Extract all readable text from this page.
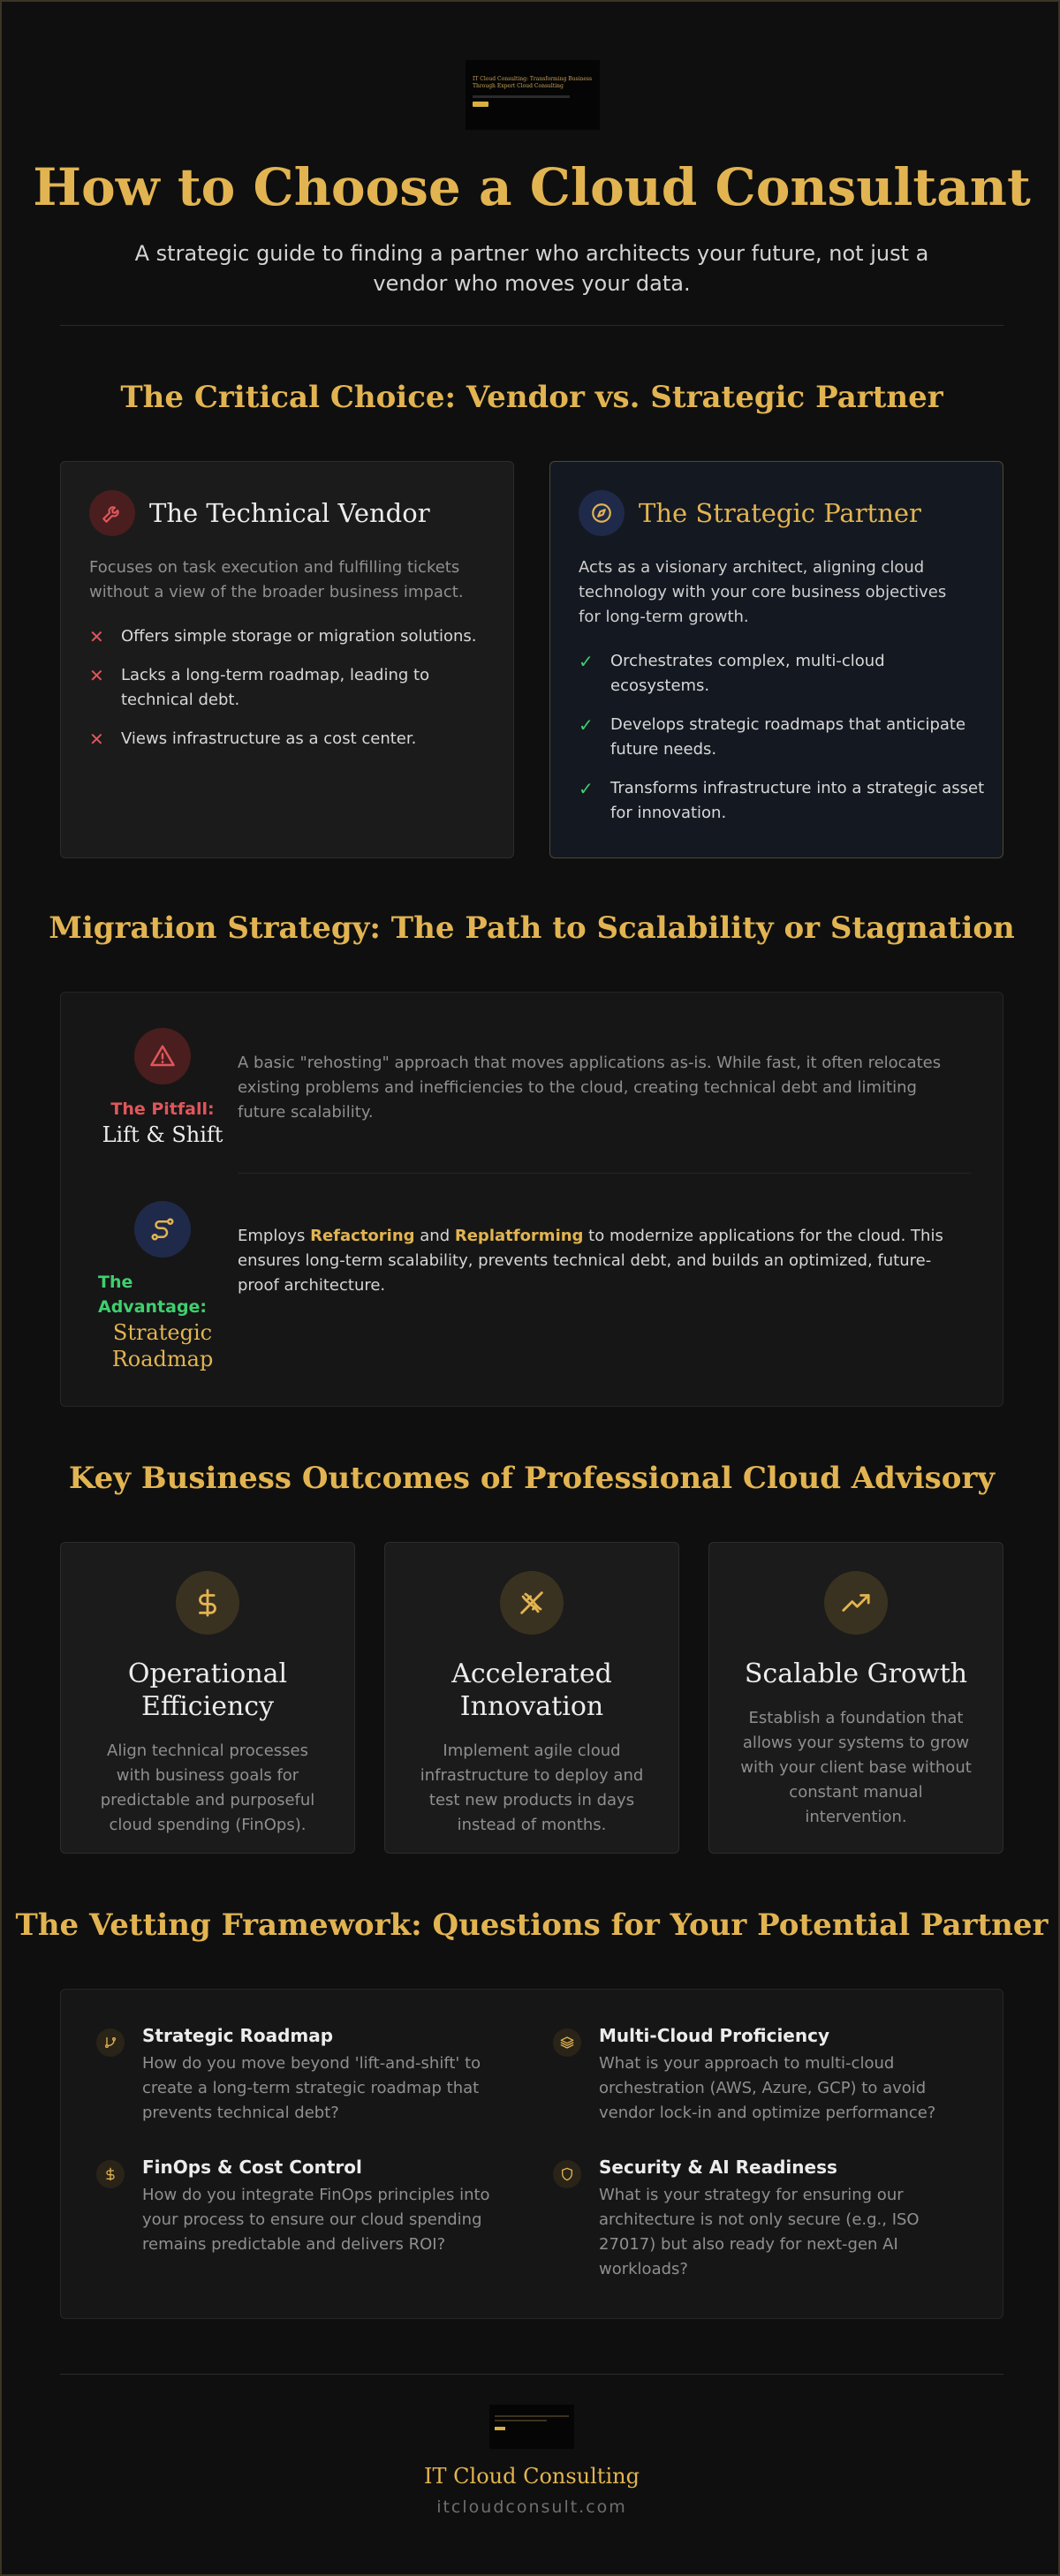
IT Cloud Consulting: Transforming Business
Through Expert Cloud Consulting
How to Choose a Cloud Consultant

A strategic guide to finding a partner who architects your future, not just a vendor who moves your data.

The Critical Choice: Vendor vs. Strategic Partner
The Technical Vendor

Focuses on task execution and fulfilling tickets without a view of the broader business impact.

✕ Offers simple storage or migration solutions.
✕ Lacks a long-term roadmap, leading to technical debt.
✕ Views infrastructure as a cost center.
The Strategic Partner

Acts as a visionary architect, aligning cloud technology with your core business objectives for long-term growth.

✓ Orchestrates complex, multi-cloud ecosystems.
✓ Develops strategic roadmaps that anticipate future needs.
✓ Transforms infrastructure into a strategic asset for innovation.
Migration Strategy: The Path to Scalability or Stagnation
The Pitfall:
Lift & Shift

A basic "rehosting" approach that moves applications as-is. While fast, it often relocates existing problems and inefficiencies to the cloud, creating technical debt and limiting future scalability.

The
Advantage:
Strategic
Roadmap

Employs Refactoring and Replatforming to modernize applications for the cloud. This ensures long-term scalability, prevents technical debt, and builds an optimized, future-proof architecture.

Key Business Outcomes of Professional Cloud Advisory
Operational Efficiency
Align technical processes with business goals for predictable and purposeful cloud spending (FinOps).
Accelerated Innovation
Implement agile cloud infrastructure to deploy and test new products in days instead of months.
Scalable Growth
Establish a foundation that allows your systems to grow with your client base without constant manual intervention.
The Vetting Framework: Questions for Your Potential Partner
Strategic Roadmap
How do you move beyond 'lift-and-shift' to create a long-term strategic roadmap that prevents technical debt?
Multi-Cloud Proficiency
What is your approach to multi-cloud orchestration (AWS, Azure, GCP) to avoid vendor lock-in and optimize performance?
FinOps & Cost Control
How do you integrate FinOps principles into your process to ensure our cloud spending remains predictable and delivers ROI?
Security & AI Readiness
What is your strategy for ensuring our architecture is not only secure (e.g., ISO 27017) but also ready for next-gen AI workloads?
IT Cloud Consulting
itcloudconsult.com
